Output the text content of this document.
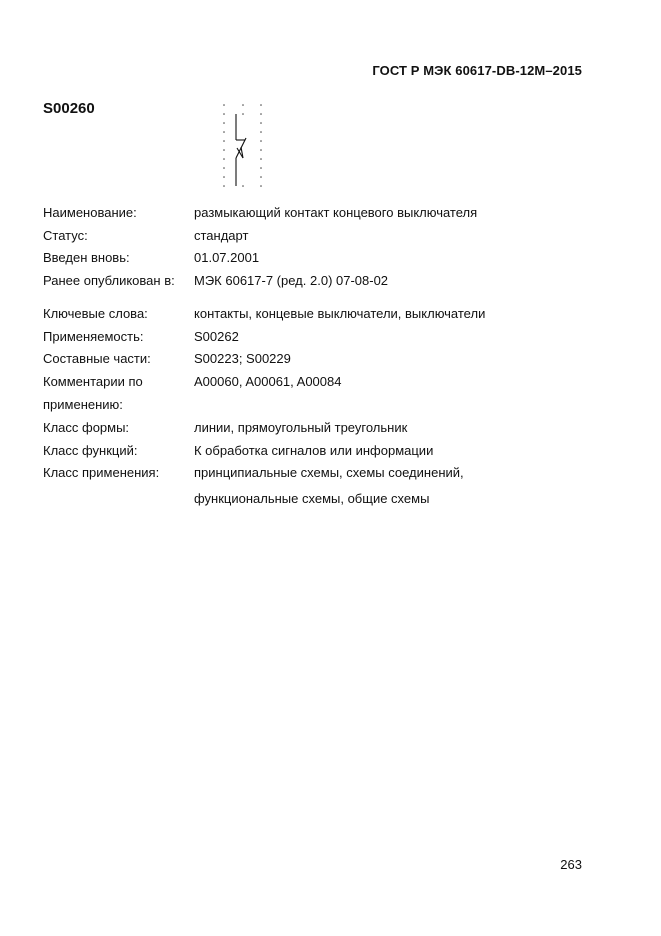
ГОСТ Р МЭК 60617-DB-12M–2015
S00260
Наименование:	размыкающий контакт концевого выключателя
Статус:	стандарт
Введен вновь:	01.07.2001
Ранее опубликован в: МЭК 60617-7 (ред. 2.0) 07-08-02
Ключевые слова:	контакты, концевые выключатели, выключатели
Применяемость:	S00262
Составные части:	S00223; S00229
Комментарии по	A00060, A00061, A00084
применению:
Класс формы:	линии, прямоугольный треугольник
Класс функций:	К обработка сигналов или информации
Класс применения:	принципиальные схемы, схемы соединений,
функциональные схемы, общие схемы
263
